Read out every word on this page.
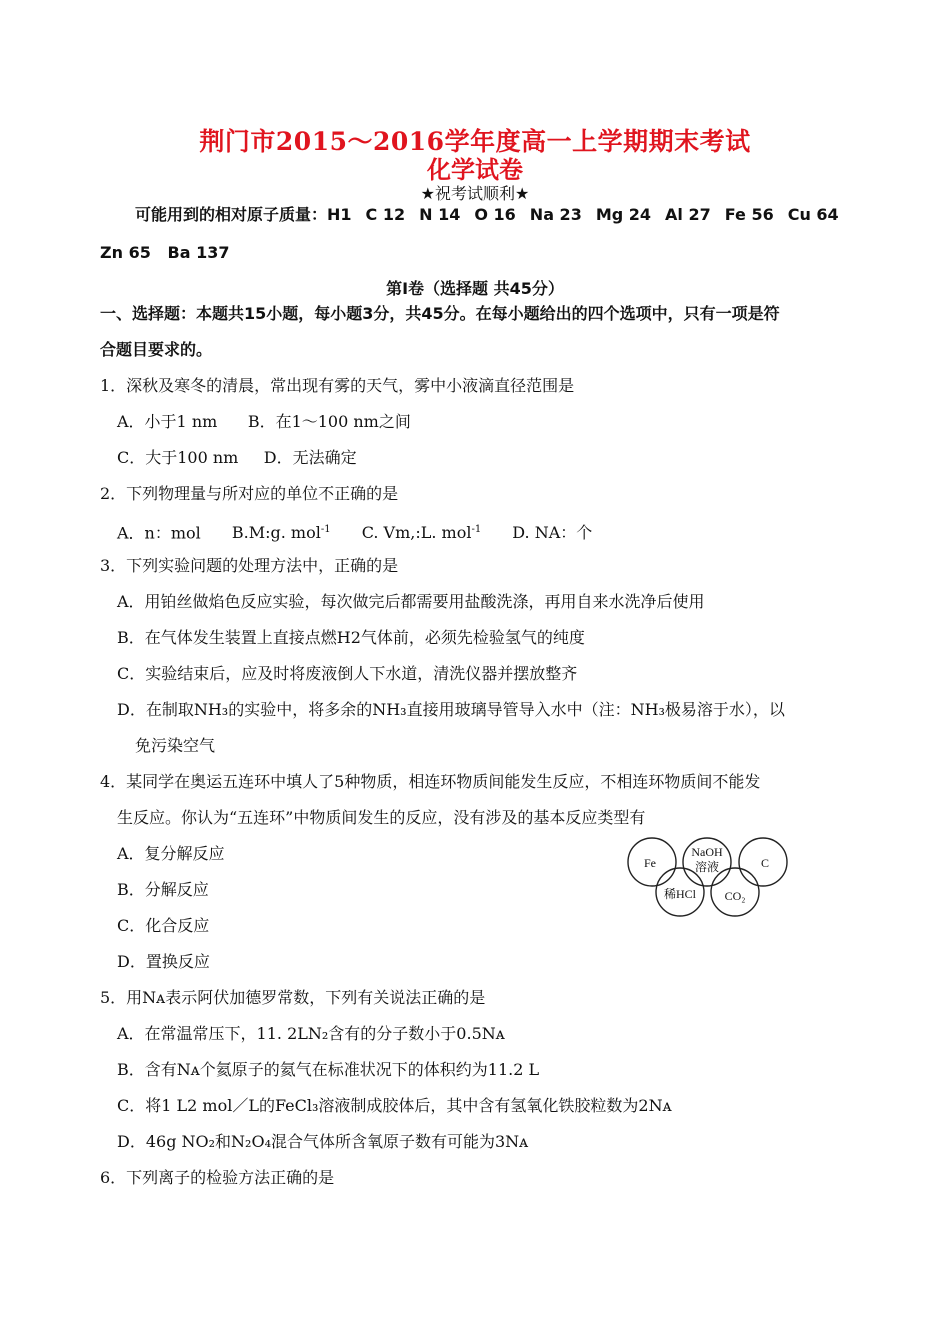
荆门市2015～2016学年度高一上学期期末考试
化学试卷
★祝考试顺利★
可能用到的相对原子质量：H1 C 12 N 14 O 16 Na 23 Mg 24 Al 27 Fe 56 Cu 64
Zn 65   Ba 137
第Ⅰ卷（选择题 共45分）
一、选择题：本题共15小题，每小题3分，共45分。在每小题给出的四个选项中，只有一项是符
合题目要求的。
1．深秋及寒冬的清晨，常出现有雾的天气，雾中小液滴直径范围是
A．小于1 nm      B．在1～100 nm之间
C．大于100 nm     D．无法确定
2．下列物理量与所对应的单位不正确的是
A．n：mol B.M:g. mol$^{-1}$ C. Vm,:L. mol$^{-1}$ D. NA：个
3．下列实验问题的处理方法中，正确的是
A．用铂丝做焰色反应实验，每次做完后都需要用盐酸洗涤，再用自来水洗净后使用
B．在气体发生装置上直接点燃H2气体前，必须先检验氢气的纯度
C．实验结束后，应及时将废液倒人下水道，清洗仪器并摆放整齐
D．在制取NH₃的实验中，将多余的NH₃直接用玻璃导管导入水中（注：NH₃极易溶于水），以
免污染空气
4．某同学在奥运五连环中填人了5种物质，相连环物质间能发生反应，不相连环物质间不能发
生反应。你认为“五连环”中物质间发生的反应，没有涉及的基本反应类型有
A．复分解反应
B．分解反应
C．化合反应
D．置换反应
Fe
NaOH
溶液	C
稀HCl CO₂
5．用Nᴀ表示阿伏加德罗常数，下列有关说法正确的是
A．在常温常压下，11. 2LN₂含有的分子数小于0.5Nᴀ
B．含有Nᴀ个氦原子的氦气在标准状况下的体积约为11.2 L
C．将1 L2 mol／L的FeCl₃溶液制成胶体后，其中含有氢氧化铁胶粒数为2Nᴀ
D．46g NO₂和N₂O₄混合气体所含氧原子数有可能为3Nᴀ
6．下列离子的检验方法正确的是
